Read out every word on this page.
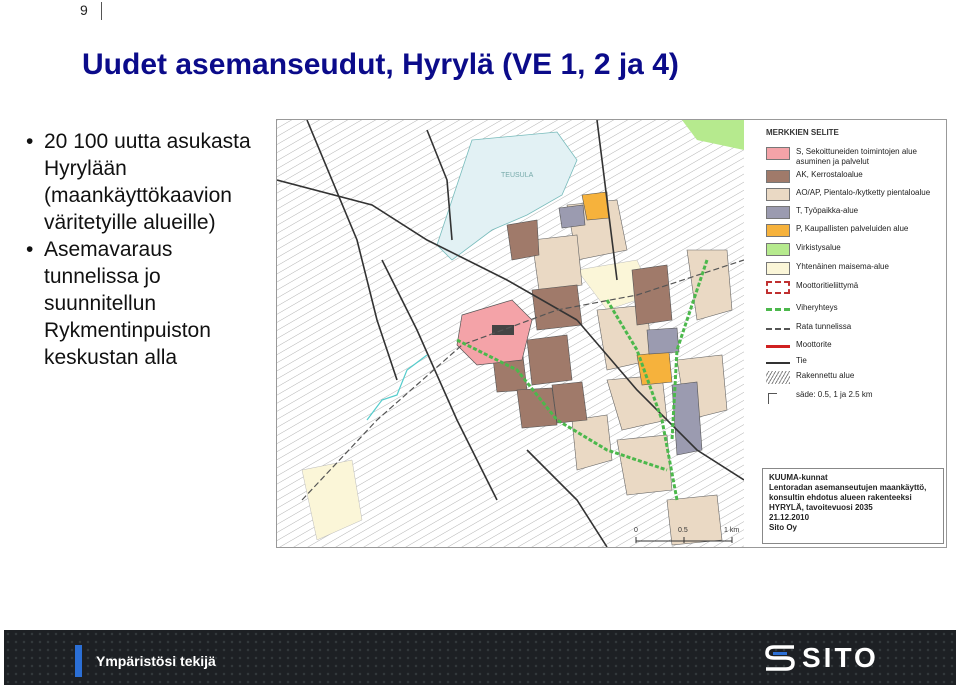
9
Uudet asemanseudut, Hyrylä (VE 1, 2 ja 4)
• 20 100 uutta asukasta Hyrylään (maankäyttökaavion väritetyille alueille)
• Asemavaraus tunnelissa jo suunnitellun Rykmentinpuiston keskustan alla
TEUSULA
0	0.5	1 km
MERKKIEN SELITE
S, Sekoittuneiden toimintojen alue asuminen ja palvelut
AK, Kerrostaloalue
AO/AP, Pientalo-/kytketty pientaloalue
T, Työpaikka-alue
P, Kaupallisten palveluiden alue
Virkistysalue
Yhtenäinen maisema-alue
Moottoritieliittymä
Viheryhteys
Rata tunnelissa
Moottorite
Tie
Rakennettu alue
säde: 0.5, 1 ja 2.5 km
KUUMA-kunnat
Lentoradan asemanseutujen maankäyttö,
konsultin ehdotus alueen rakenteeksi
HYRYLÄ, tavoitevuosi 2035
21.12.2010
Sito Oy
Ympäristösi tekijä	SITO
